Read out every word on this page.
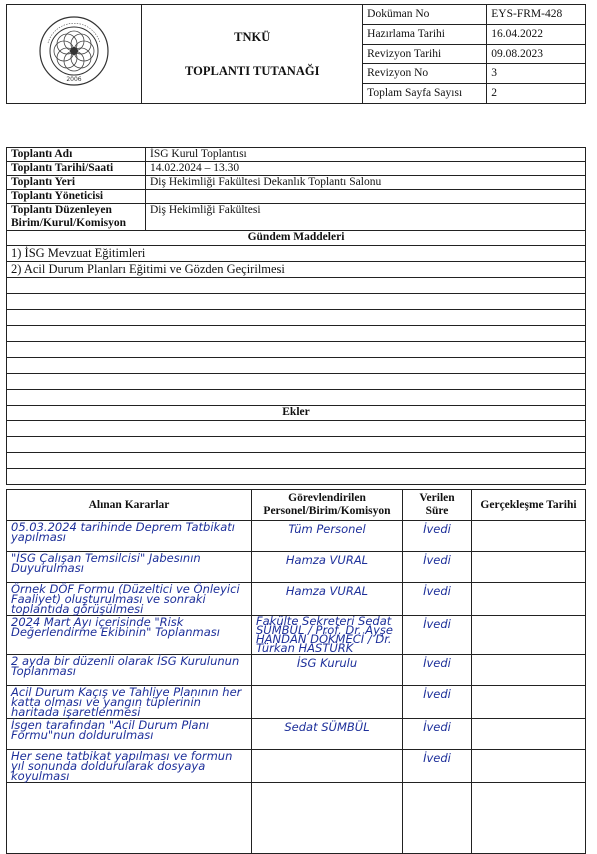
2006	TNKÜ
TOPLANTI TUTANAĞI	Doküman No	EYS-FRM-428
		Hazırlama Tarihi	16.04.2022
		Revizyon Tarihi	09.08.2023
		Revizyon No	3
		Toplam Sayfa Sayısı	2
Toplantı Adı	İSG Kurul Toplantısı
Toplantı Tarihi/Saati	14.02.2024 – 13.30
Toplantı Yeri	Diş Hekimliği Fakültesi Dekanlık Toplantı Salonu
Toplantı Yöneticisi	

Toplantı Düzenleyen
Birim/Kurul/Komisyon	Diş Hekimliği Fakültesi
Gündem Maddeleri	
1) İSG Mevzuat Eğitimleri	
2) Acil Durum Planları Eğitimi ve Gözden Geçirilmesi	

Ekler	

Alınan Kararlar	Görevlendirilen Personel/Birim/Komisyon	Verilen Süre	Gerçekleşme Tarihi
05.03.2024 tarihinde Deprem Tatbikatı yapılması	Tüm Personel	İvedi	
"İSG Çalışan Temsilcisi" Jabesının Duyurulması	Hamza VURAL	İvedi	
Örnek DÖF Formu (Düzeltici ve Önleyici Faaliyet) oluşturulması ve sonraki toplantıda görüşülmesi	Hamza VURAL	İvedi	
2024 Mart Ayı içerisinde "Risk Değerlendirme Ekibinin" Toplanması	Fakülte Sekreteri Sedat SÜMBÜL / Prof. Dr. Ayşe HANDAN DÖKMECİ / Dr. Türkan HASTÜRK	İvedi	
2 ayda bir düzenli olarak İSG Kurulunun Toplanması	İSG Kurulu	İvedi	
Acil Durum Kaçış ve Tahliye Planının her katta olması ve yangın tüplerinin haritada işaretlenmesi		İvedi	
İsgen tarafından "Acil Durum Planı Formu"nun doldurulması	Sedat SÜMBÜL	İvedi	
Her sene tatbikat yapılması ve formun yıl sonunda doldurularak dosyaya koyulması		İvedi	
